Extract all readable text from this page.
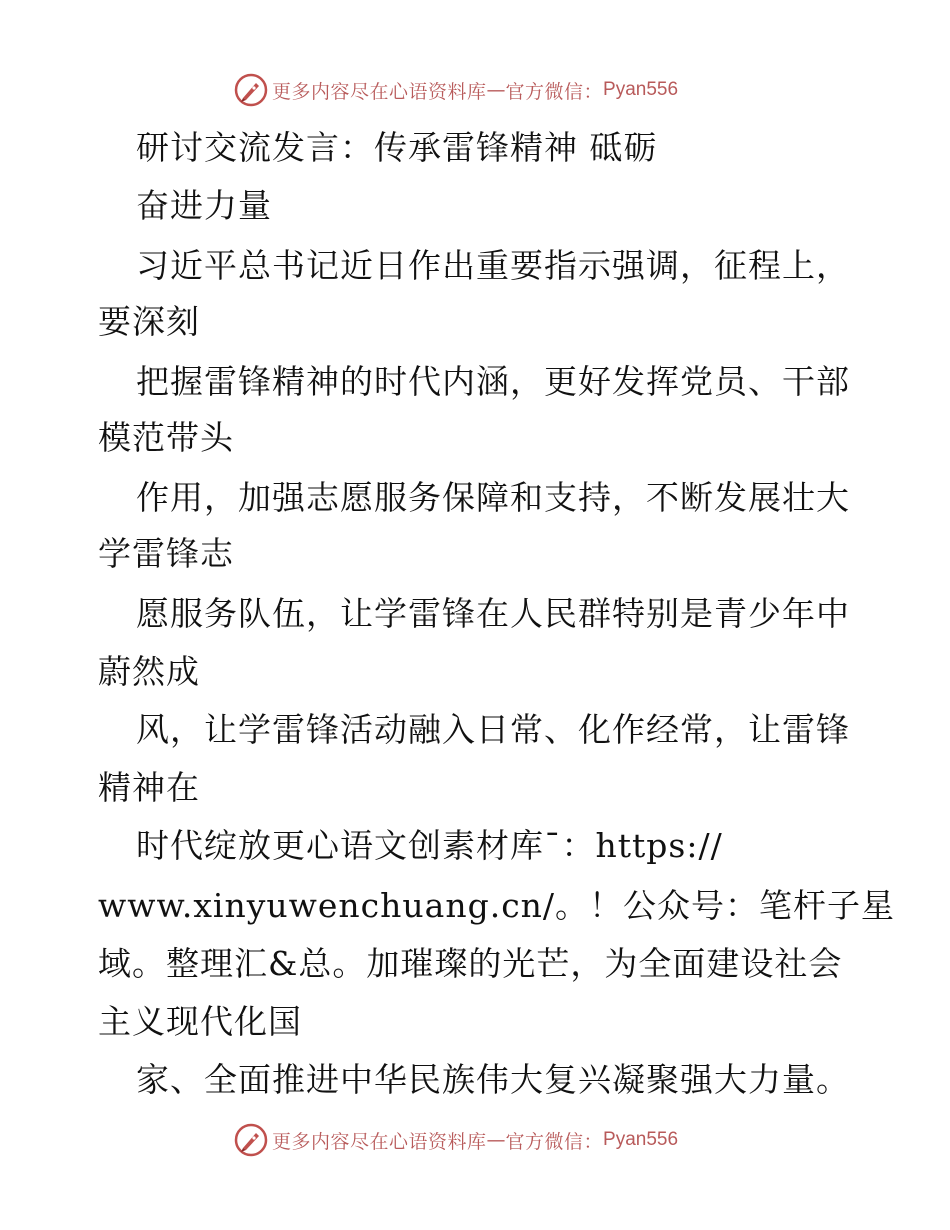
更多内容尽在心语资料库 — 官方微信： Pyan556
研讨交流发言：传承雷锋精神 砥砺
奋进力量
习近平总书记近日作出重要指示强调，征程上，
要深刻
把握雷锋精神的时代内涵，更好发挥党员、干部
模范带头
作用，加强志愿服务保障和支持，不断发展壮大
学雷锋志
愿服务队伍，让学雷锋在人民群特别是青少年中
蔚然成
风，让学雷锋活动融入日常、化作经常，让雷锋
精神在
时代绽放更心语文创素材库¯：https://
www.xinyuwenchuang.cn/。！公众号：笔杆子星
域。整理汇&总。加璀璨的光芒，为全面建设社会
主义现代化国
家、全面推进中华民族伟大复兴凝聚强大力量。
更多内容尽在心语资料库 — 官方微信： Pyan556
